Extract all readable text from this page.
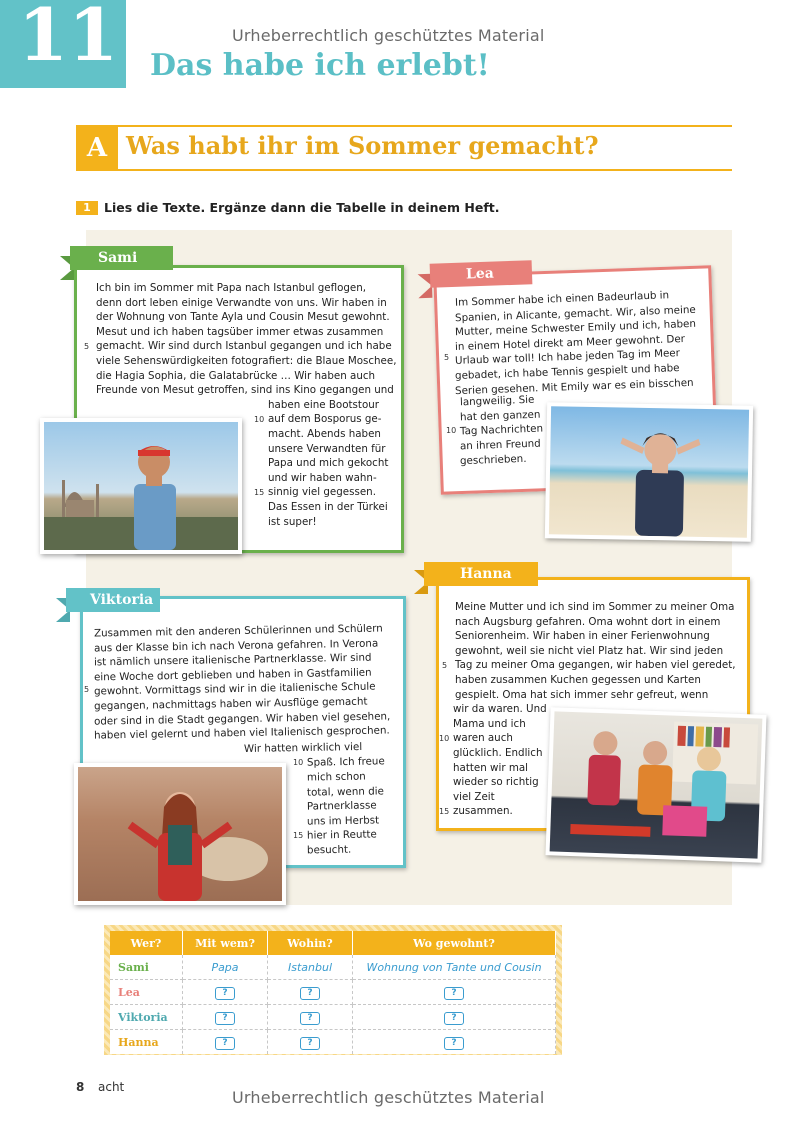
Urheberrechtlich geschütztes Material
11 Das habe ich erlebt!
A Was habt ihr im Sommer gemacht?
1	Lies die Texte. Ergänze dann die Tabelle in deinem Heft.
Sami
Ich bin im Sommer mit Papa nach Istanbul geflogen,
denn dort leben einige Verwandte von uns. Wir haben in
der Wohnung von Tante Ayla und Cousin Mesut gewohnt.
Mesut und ich haben tagsüber immer etwas zusammen
gemacht. Wir sind durch Istanbul gegangen und ich habe
5
viele Sehenswürdigkeiten fotografiert: die Blaue Moschee,
die Hagia Sophia, die Galatabrücke … Wir haben auch
Freunde von Mesut getroffen, sind ins Kino gegangen und
haben eine Bootstour
auf dem Bosporus ge-
10
macht. Abends haben
unsere Verwandten für
Papa und mich gekocht
und wir haben wahn-
sinnig viel gegessen.
15
Das Essen in der Türkei
ist super!
Lea
Im Sommer habe ich einen Badeurlaub in
Spanien, in Alicante, gemacht. Wir, also meine
Mutter, meine Schwester Emily und ich, haben
in einem Hotel direkt am Meer gewohnt. Der
Urlaub war toll! Ich habe jeden Tag im Meer
5
gebadet, ich habe Tennis gespielt und habe
Serien gesehen. Mit Emily war es ein bisschen
langweilig. Sie
hat den ganzen
Tag Nachrichten
10
an ihren Freund
geschrieben.
Viktoria
Zusammen mit den anderen Schülerinnen und Schülern
aus der Klasse bin ich nach Verona gefahren. In Verona
ist nämlich unsere italienische Partnerklasse. Wir sind
eine Woche dort geblieben und haben in Gastfamilien
gewohnt. Vormittags sind wir in die italienische Schule
5
gegangen, nachmittags haben wir Ausflüge gemacht
oder sind in die Stadt gegangen. Wir haben viel gesehen,
haben viel gelernt und haben viel Italienisch gesprochen.
Wir hatten wirklich viel
Spaß. Ich freue
10
mich schon
total, wenn die
Partnerklasse
uns im Herbst
hier in Reutte
15
besucht.
Hanna
Meine Mutter und ich sind im Sommer zu meiner Oma
nach Augsburg gefahren. Oma wohnt dort in einem
Seniorenheim. Wir haben in einer Ferienwohnung
gewohnt, weil sie nicht viel Platz hat. Wir sind jeden
Tag zu meiner Oma gegangen, wir haben viel geredet,
5
haben zusammen Kuchen gegessen und Karten
gespielt. Oma hat sich immer sehr gefreut, wenn
wir da waren. Und
Mama und ich
waren auch
10
glücklich. Endlich
hatten wir mal
wieder so richtig
viel Zeit
zusammen.
15
Wer?	Mit wem?	Wohin?	Wo gewohnt?
Sami	Papa	Istanbul	Wohnung von Tante und Cousin
Lea	?	?	?
Viktoria	?	?	?
Hanna	?	?	?
8 acht
Urheberrechtlich geschütztes Material
